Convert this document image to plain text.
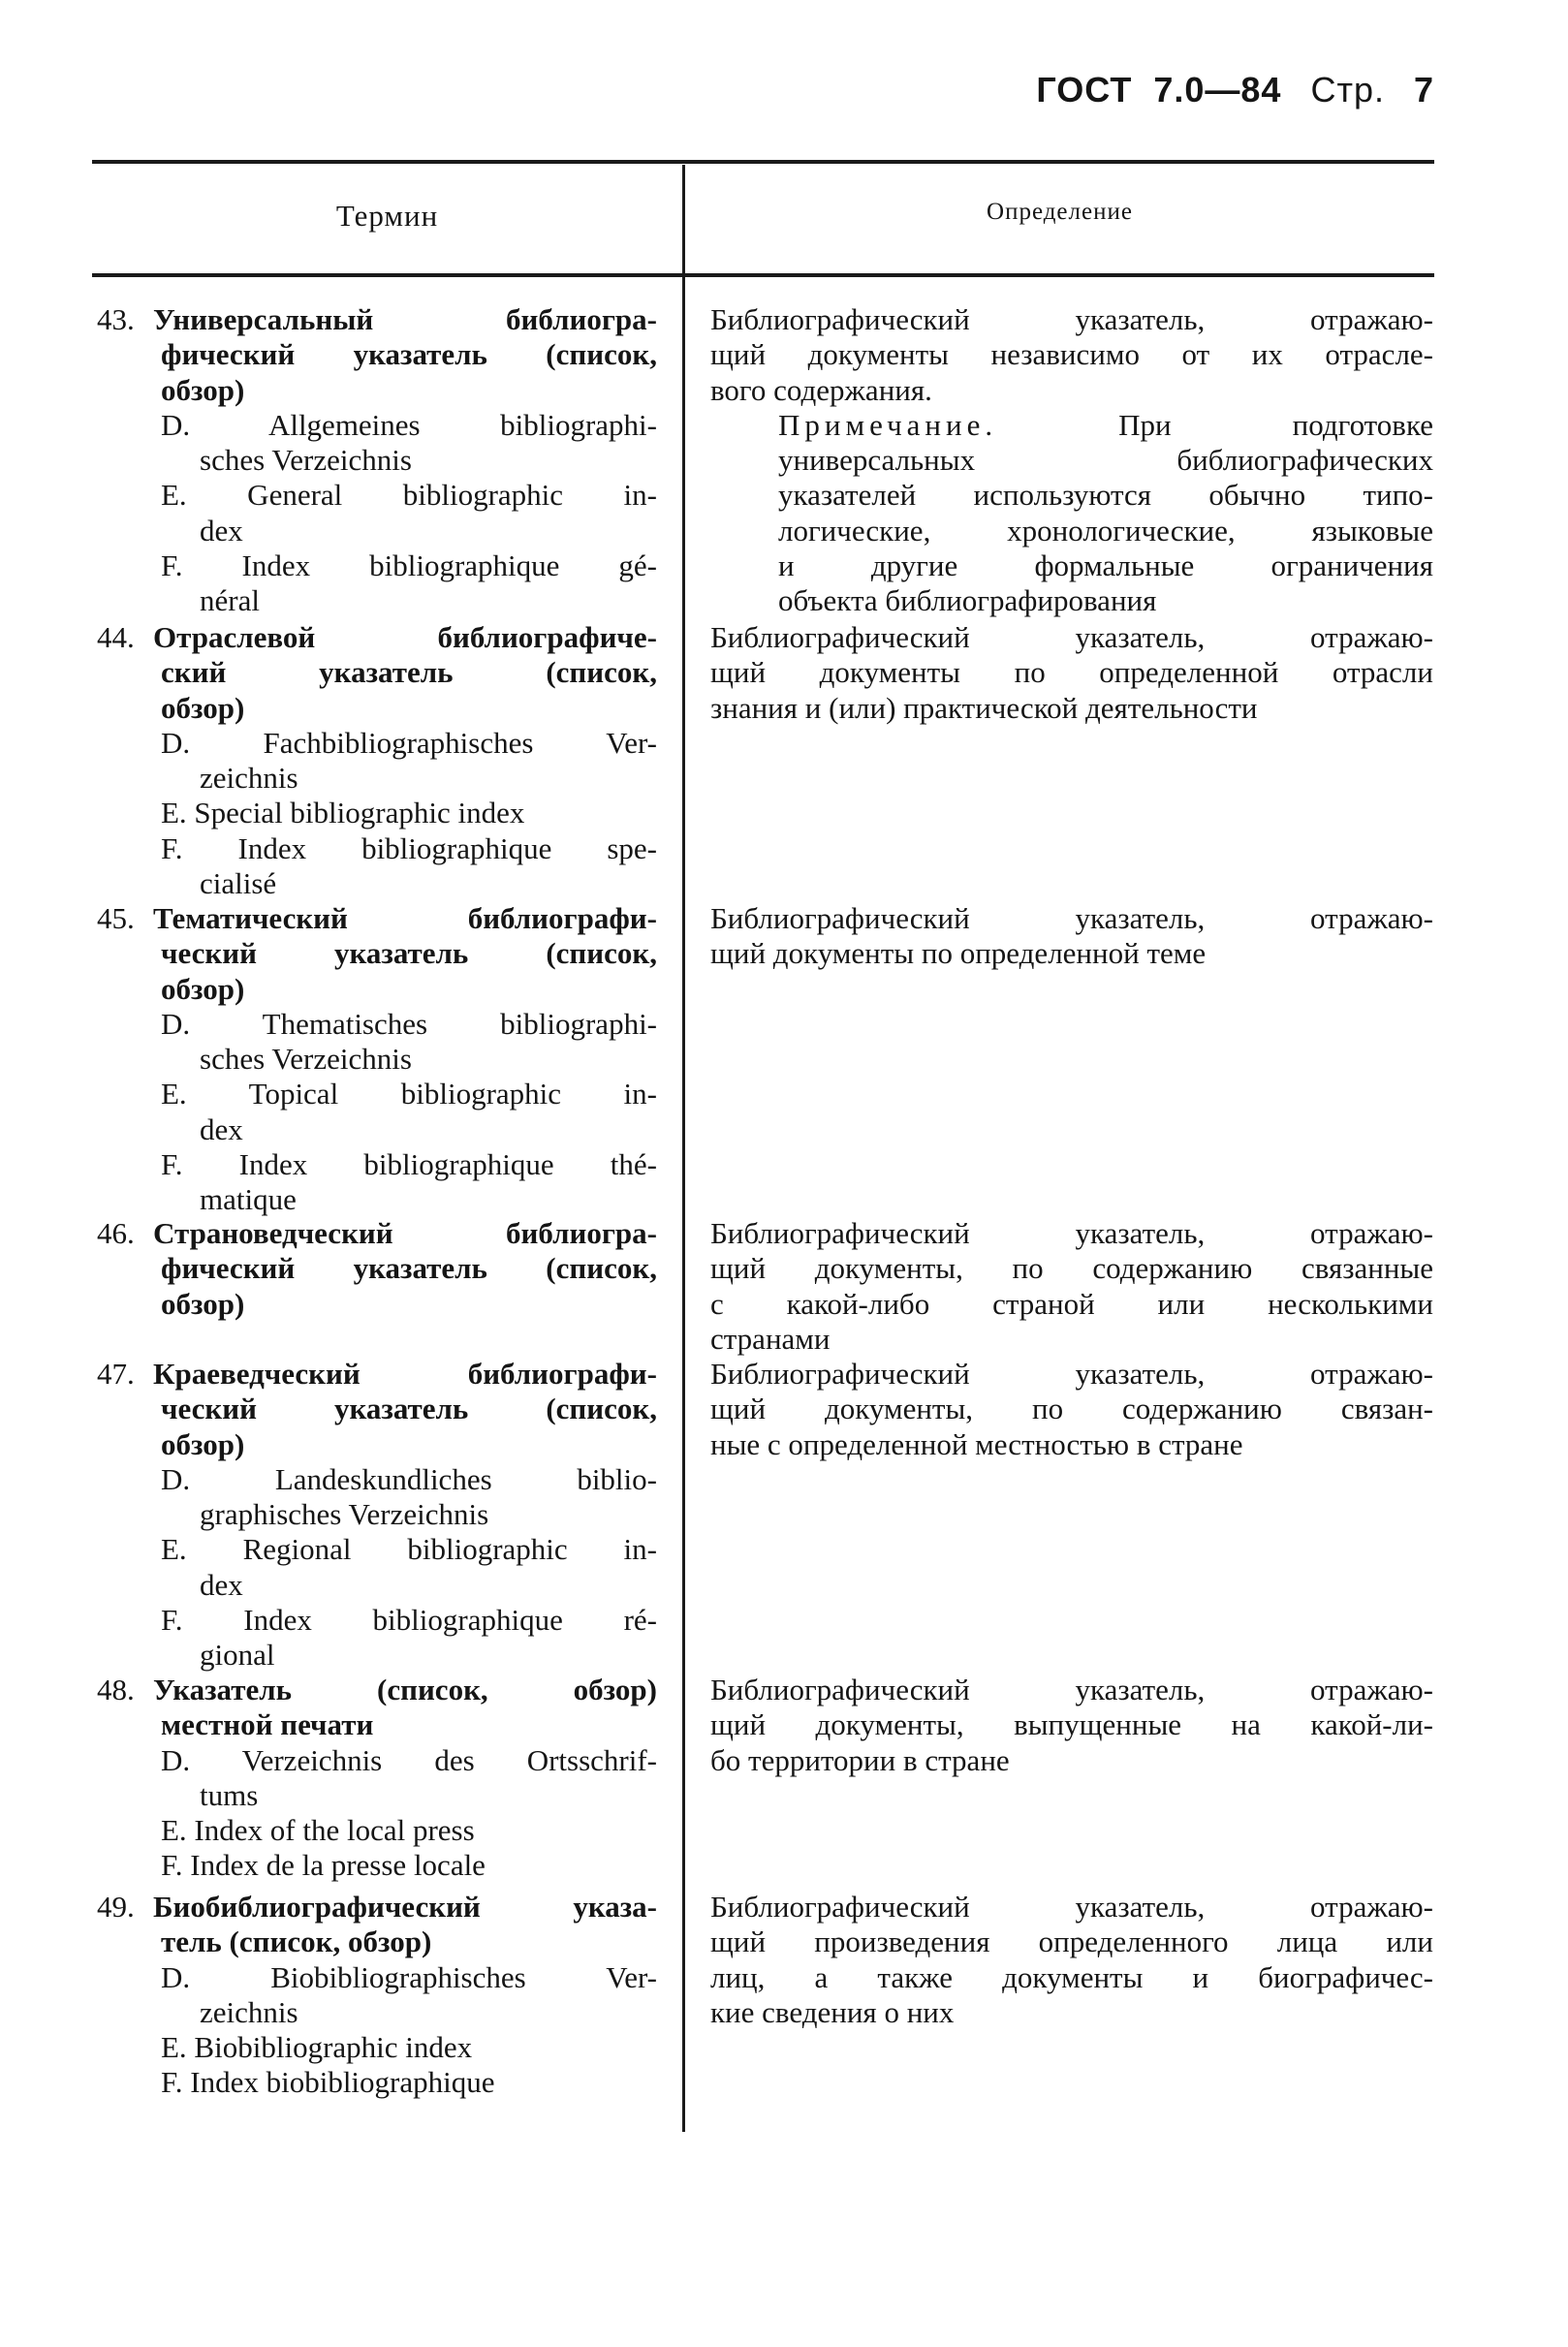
ГОСТ 7.0—84 Стр. 7
Термин	Определение
43. Универсальный библиогра-
фический указатель (список,
обзор)
D. Allgemeines bibliographi-
sches Verzeichnis
E. General bibliographic in-
dex
F. Index bibliographique gé-
néral
Библиографический указатель, отражаю-
щий документы независимо от их отрасле-
вого содержания.
Примечание.	При подготовке
универсальных библиографических
указателей используются обычно типо-
логические, хронологические, языковые
и другие формальные ограничения
объекта библиографирования
44. Отраслевой библиографиче-
ский указатель (список,
обзор)
D. Fachbibliographisches Ver-
zeichnis
E. Special bibliographic index
F. Index bibliographique spe-
cialisé
Библиографический указатель, отражаю-
щий документы по определенной отрасли
знания и (или) практической деятельности
45. Тематический библиографи-
ческий указатель (список,
обзор)
D. Thematisches bibliographi-
sches Verzeichnis
E. Topical bibliographic in-
dex
F. Index bibliographique thé-
matique
Библиографический указатель, отражаю-
щий документы по определенной теме
46. Страноведческий библиогра-
фический указатель (список,
обзор)
Библиографический указатель, отражаю-
щий документы, по содержанию связанные
с какой-либо страной или несколькими
странами
47. Краеведческий библиографи-
ческий указатель (список,
обзор)
D. Landeskundliches biblio-
graphisches Verzeichnis
E. Regional bibliographic in-
dex
F. Index bibliographique ré-
gional
Библиографический указатель, отражаю-
щий документы, по содержанию связан-
ные с определенной местностью в стране
48. Указатель (список, обзор)
местной печати
D. Verzeichnis des Ortsschrif-
tums
E. Index of the local press
F. Index de la presse locale
Библиографический указатель, отражаю-
щий документы, выпущенные на какой-ли-
бо территории в стране
49. Биобиблиографический указа-
тель (список, обзор)
D. Biobibliographisches Ver-
zeichnis
E. Biobibliographic index
F. Index biobibliographique
Библиографический указатель, отражаю-
щий произведения определенного лица или
лиц, а также документы и биографичес-
кие сведения о них
